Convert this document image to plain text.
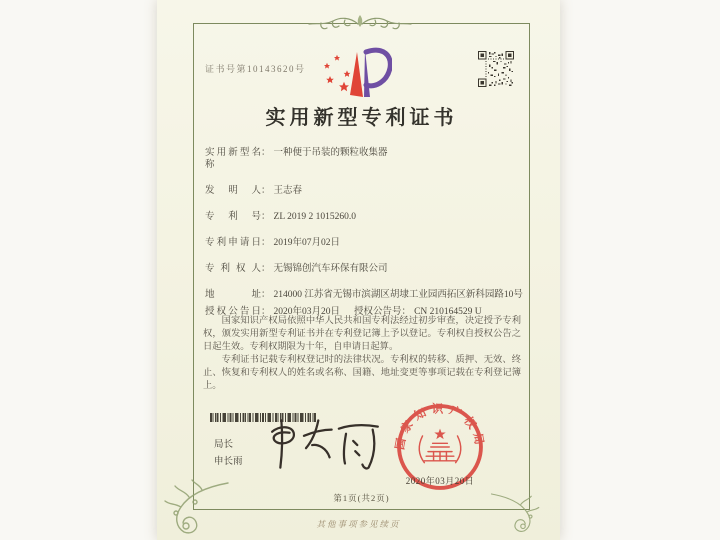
证书号第10143620号
实用新型专利证书
实用新型名称
： 一种便于吊装的颗粒收集器
发明人 ： 王志春
专利号 ： ZL 2019 2 1015260.0
专利申请日 ： 2019年07月02日
专利权人 ： 无锡锦创汽车环保有限公司
地址 ： 214000 江苏省无锡市滨湖区胡埭工业园西拓区新科园路10号
授权公告日 ： 2020年03月20日 授权公告号 ： CN 210164529 U

国家知识产权局依照中华人民共和国专利法经过初步审查，决定授予专利权，颁发实用新型专利证书并在专利登记簿上予以登记。专利权自授权公告之日起生效。专利权期限为十年，自申请日起算。

专利证书记载专利权登记时的法律状况。专利权的转移、质押、无效、终止、恢复和专利权人的姓名或名称、国籍、地址变更等事项记载在专利登记簿上。

局长
申长雨
国家知识产权局
2020年03月20日
第1页(共2页)
其他事项参见续页
